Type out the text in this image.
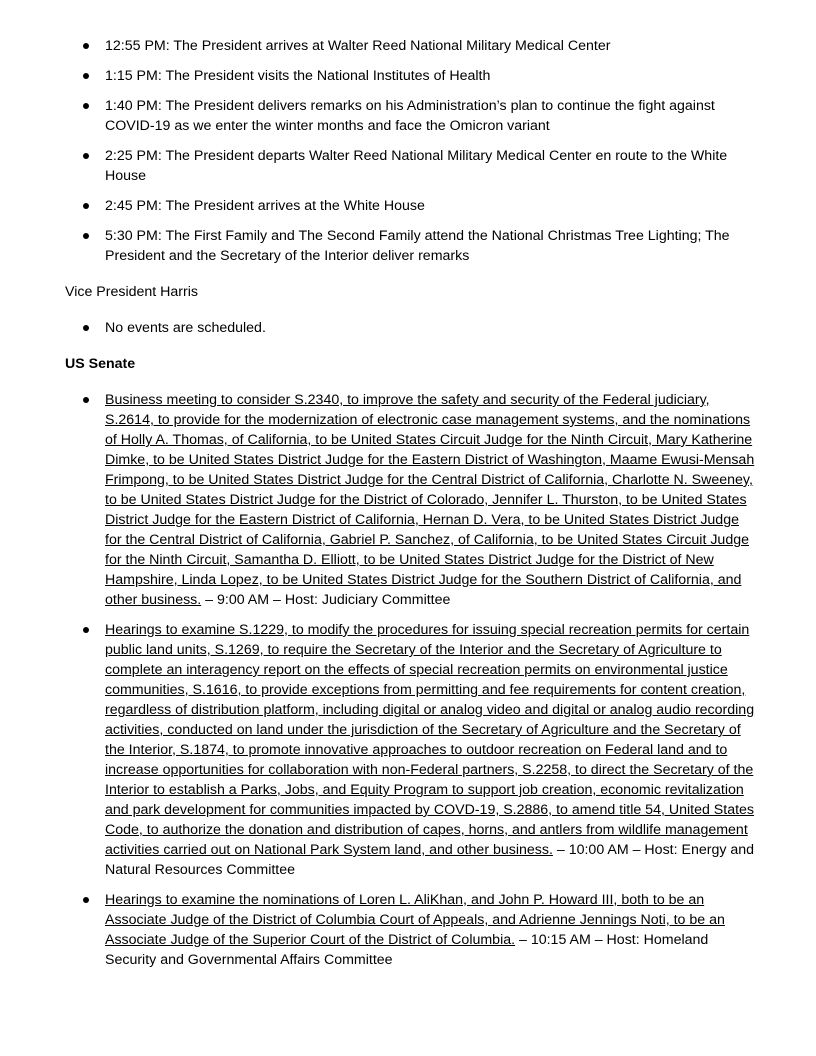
12:55 PM: The President arrives at Walter Reed National Military Medical Center
1:15 PM: The President visits the National Institutes of Health
1:40 PM: The President delivers remarks on his Administration’s plan to continue the fight against COVID-19 as we enter the winter months and face the Omicron variant
2:25 PM: The President departs Walter Reed National Military Medical Center en route to the White House
2:45 PM: The President arrives at the White House
5:30 PM: The First Family and The Second Family attend the National Christmas Tree Lighting; The President and the Secretary of the Interior deliver remarks

Vice President Harris

No events are scheduled.

US Senate

Business meeting to consider S.2340, to improve the safety and security of the Federal judiciary, S.2614, to provide for the modernization of electronic case management systems, and the nominations of Holly A. Thomas, of California, to be United States Circuit Judge for the Ninth Circuit, Mary Katherine Dimke, to be United States District Judge for the Eastern District of Washington, Maame Ewusi-Mensah Frimpong, to be United States District Judge for the Central District of California, Charlotte N. Sweeney, to be United States District Judge for the District of Colorado, Jennifer L. Thurston, to be United States District Judge for the Eastern District of California, Hernan D. Vera, to be United States District Judge for the Central District of California, Gabriel P. Sanchez, of California, to be United States Circuit Judge for the Ninth Circuit, Samantha D. Elliott, to be United States District Judge for the District of New Hampshire, Linda Lopez, to be United States District Judge for the Southern District of California, and other business. – 9:00 AM – Host: Judiciary Committee
Hearings to examine S.1229, to modify the procedures for issuing special recreation permits for certain public land units, S.1269, to require the Secretary of the Interior and the Secretary of Agriculture to complete an interagency report on the effects of special recreation permits on environmental justice communities, S.1616, to provide exceptions from permitting and fee requirements for content creation, regardless of distribution platform, including digital or analog video and digital or analog audio recording activities, conducted on land under the jurisdiction of the Secretary of Agriculture and the Secretary of the Interior, S.1874, to promote innovative approaches to outdoor recreation on Federal land and to increase opportunities for collaboration with non-Federal partners, S.2258, to direct the Secretary of the Interior to establish a Parks, Jobs, and Equity Program to support job creation, economic revitalization and park development for communities impacted by COVD-19, S.2886, to amend title 54, United States Code, to authorize the donation and distribution of capes, horns, and antlers from wildlife management activities carried out on National Park System land, and other business. – 10:00 AM – Host: Energy and Natural Resources Committee
Hearings to examine the nominations of Loren L. AliKhan, and John P. Howard III, both to be an Associate Judge of the District of Columbia Court of Appeals, and Adrienne Jennings Noti, to be an Associate Judge of the Superior Court of the District of Columbia. – 10:15 AM – Host: Homeland Security and Governmental Affairs Committee
